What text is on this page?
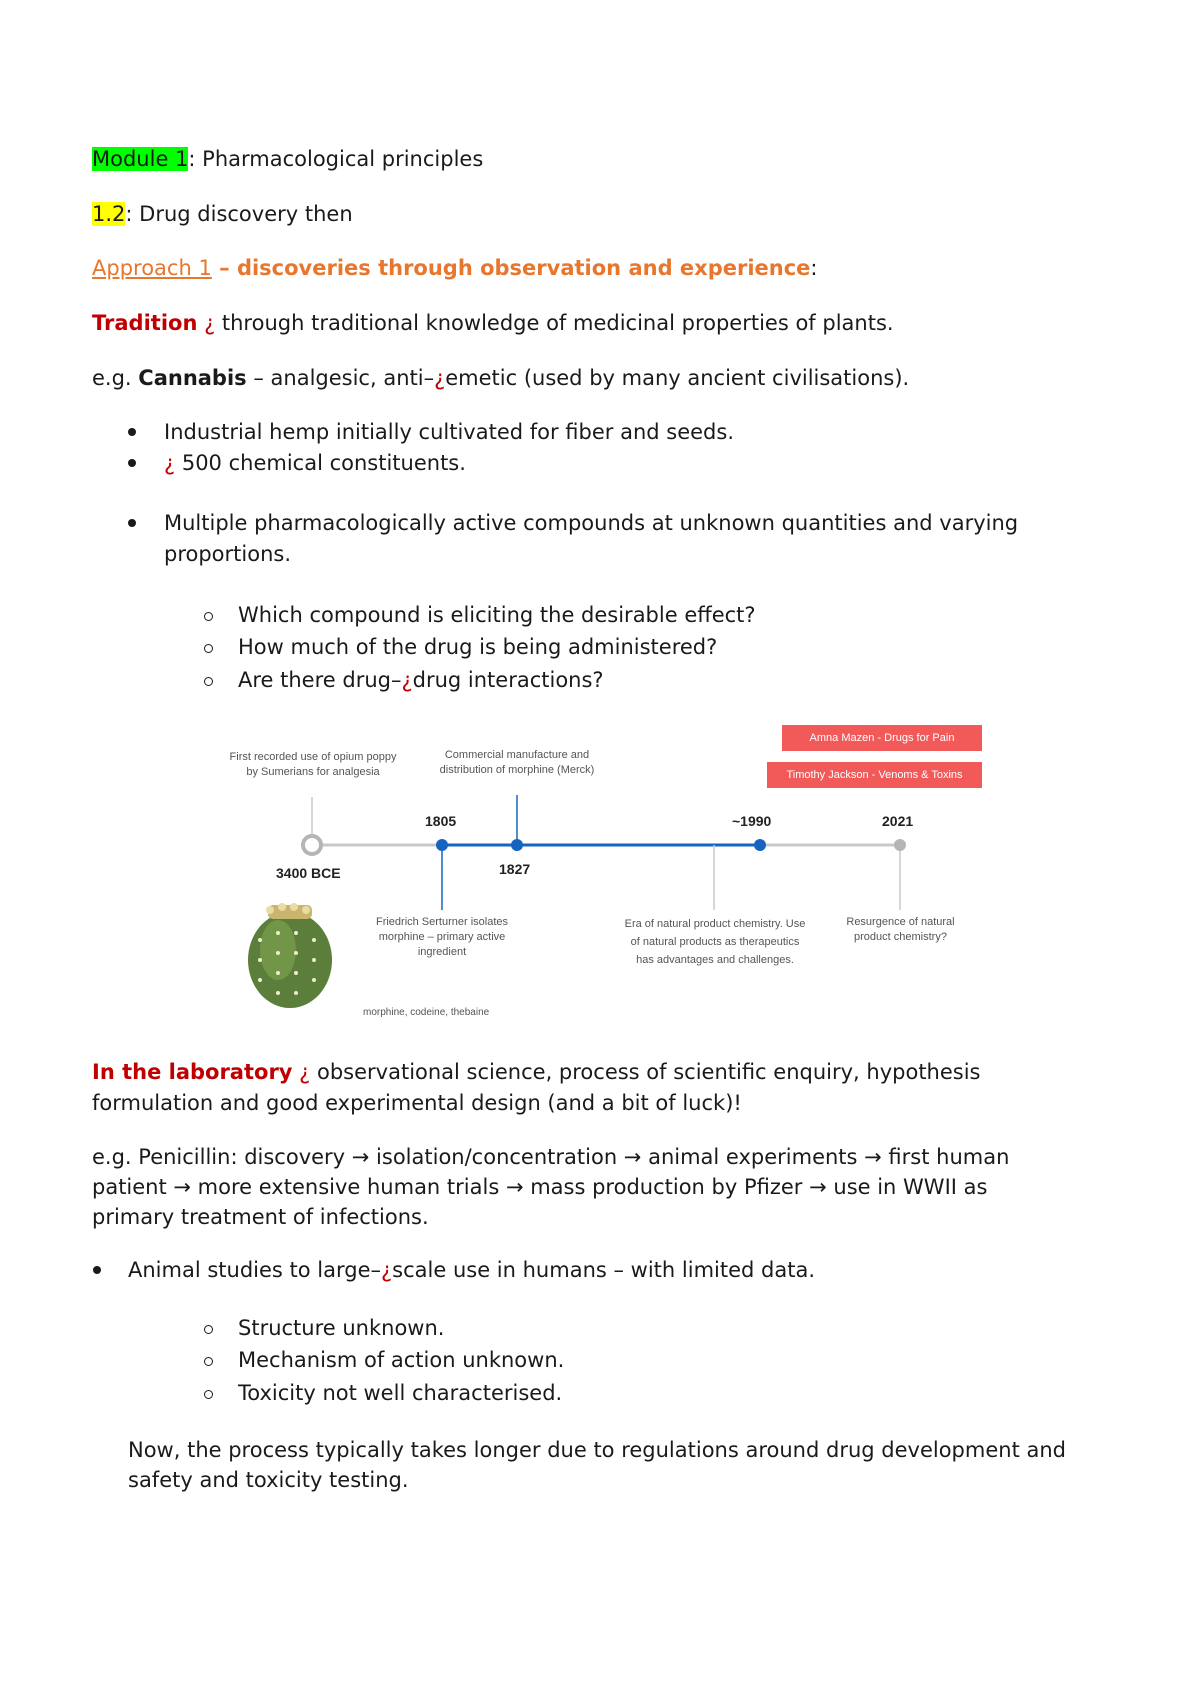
Module 1: Pharmacological principles

1.2: Drug discovery then

Approach 1 – discoveries through observation and experience:

Tradition ¿ through traditional knowledge of medicinal properties of plants.

e.g. Cannabis – analgesic, anti–¿emetic (used by many ancient civilisations).

Industrial hemp initially cultivated for fiber and seeds.
¿ 500 chemical constituents.
Multiple pharmacologically active compounds at unknown quantities and varying
proportions.
Which compound is eliciting the desirable effect?
How much of the drug is being administered?
Are there drug–¿drug interactions?
Amna Mazen - Drugs for Pain
Timothy Jackson - Venoms & Toxins
First recorded use of opium poppy by Sumerians for analgesia
3400 BCE
1805
Friedrich Serturner isolates morphine – primary active ingredient
Commercial manufacture and distribution of morphine (Merck)
1827
~1990
Era of natural product chemistry. Use of natural products as therapeutics has advantages and challenges.
2021
Resurgence of natural product chemistry?
morphine, codeine, thebaine

In the laboratory ¿ observational science, process of scientific enquiry, hypothesis

formulation and good experimental design (and a bit of luck)!

e.g. Penicillin: discovery → isolation/concentration → animal experiments → first human

patient → more extensive human trials → mass production by Pfizer → use in WWII as

primary treatment of infections.

Animal studies to large–¿scale use in humans – with limited data.
Structure unknown.
Mechanism of action unknown.
Toxicity not well characterised.

Now, the process typically takes longer due to regulations around drug development and

safety and toxicity testing.
